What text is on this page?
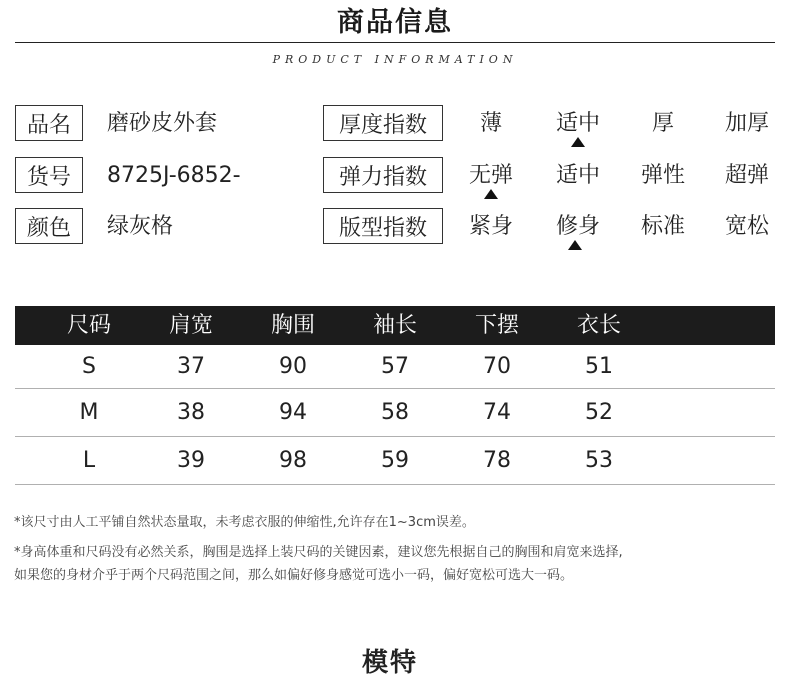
商品信息
PRODUCT INFORMATION
品名	磨砂皮外套
货号	8725J-6852-
颜色	绿灰格
厚度指数	薄	适中	厚	加厚
弹力指数	无弹	适中	弹性	超弹
版型指数	紧身	修身	标准	宽松
尺码	肩宽	胸围	袖长	下摆	衣长
S	37	90	57	70	51
M	38	94	58	74	52
L	39	98	59	78	53
*该尺寸由人工平铺自然状态量取，未考虑衣服的伸缩性,允许存在1~3cm误差。
*身高体重和尺码没有必然关系，胸围是选择上装尺码的关键因素，建议您先根据自己的胸围和肩宽来选择,
如果您的身材介乎于两个尺码范围之间，那么如偏好修身感觉可选小一码，偏好宽松可选大一码。
模特
